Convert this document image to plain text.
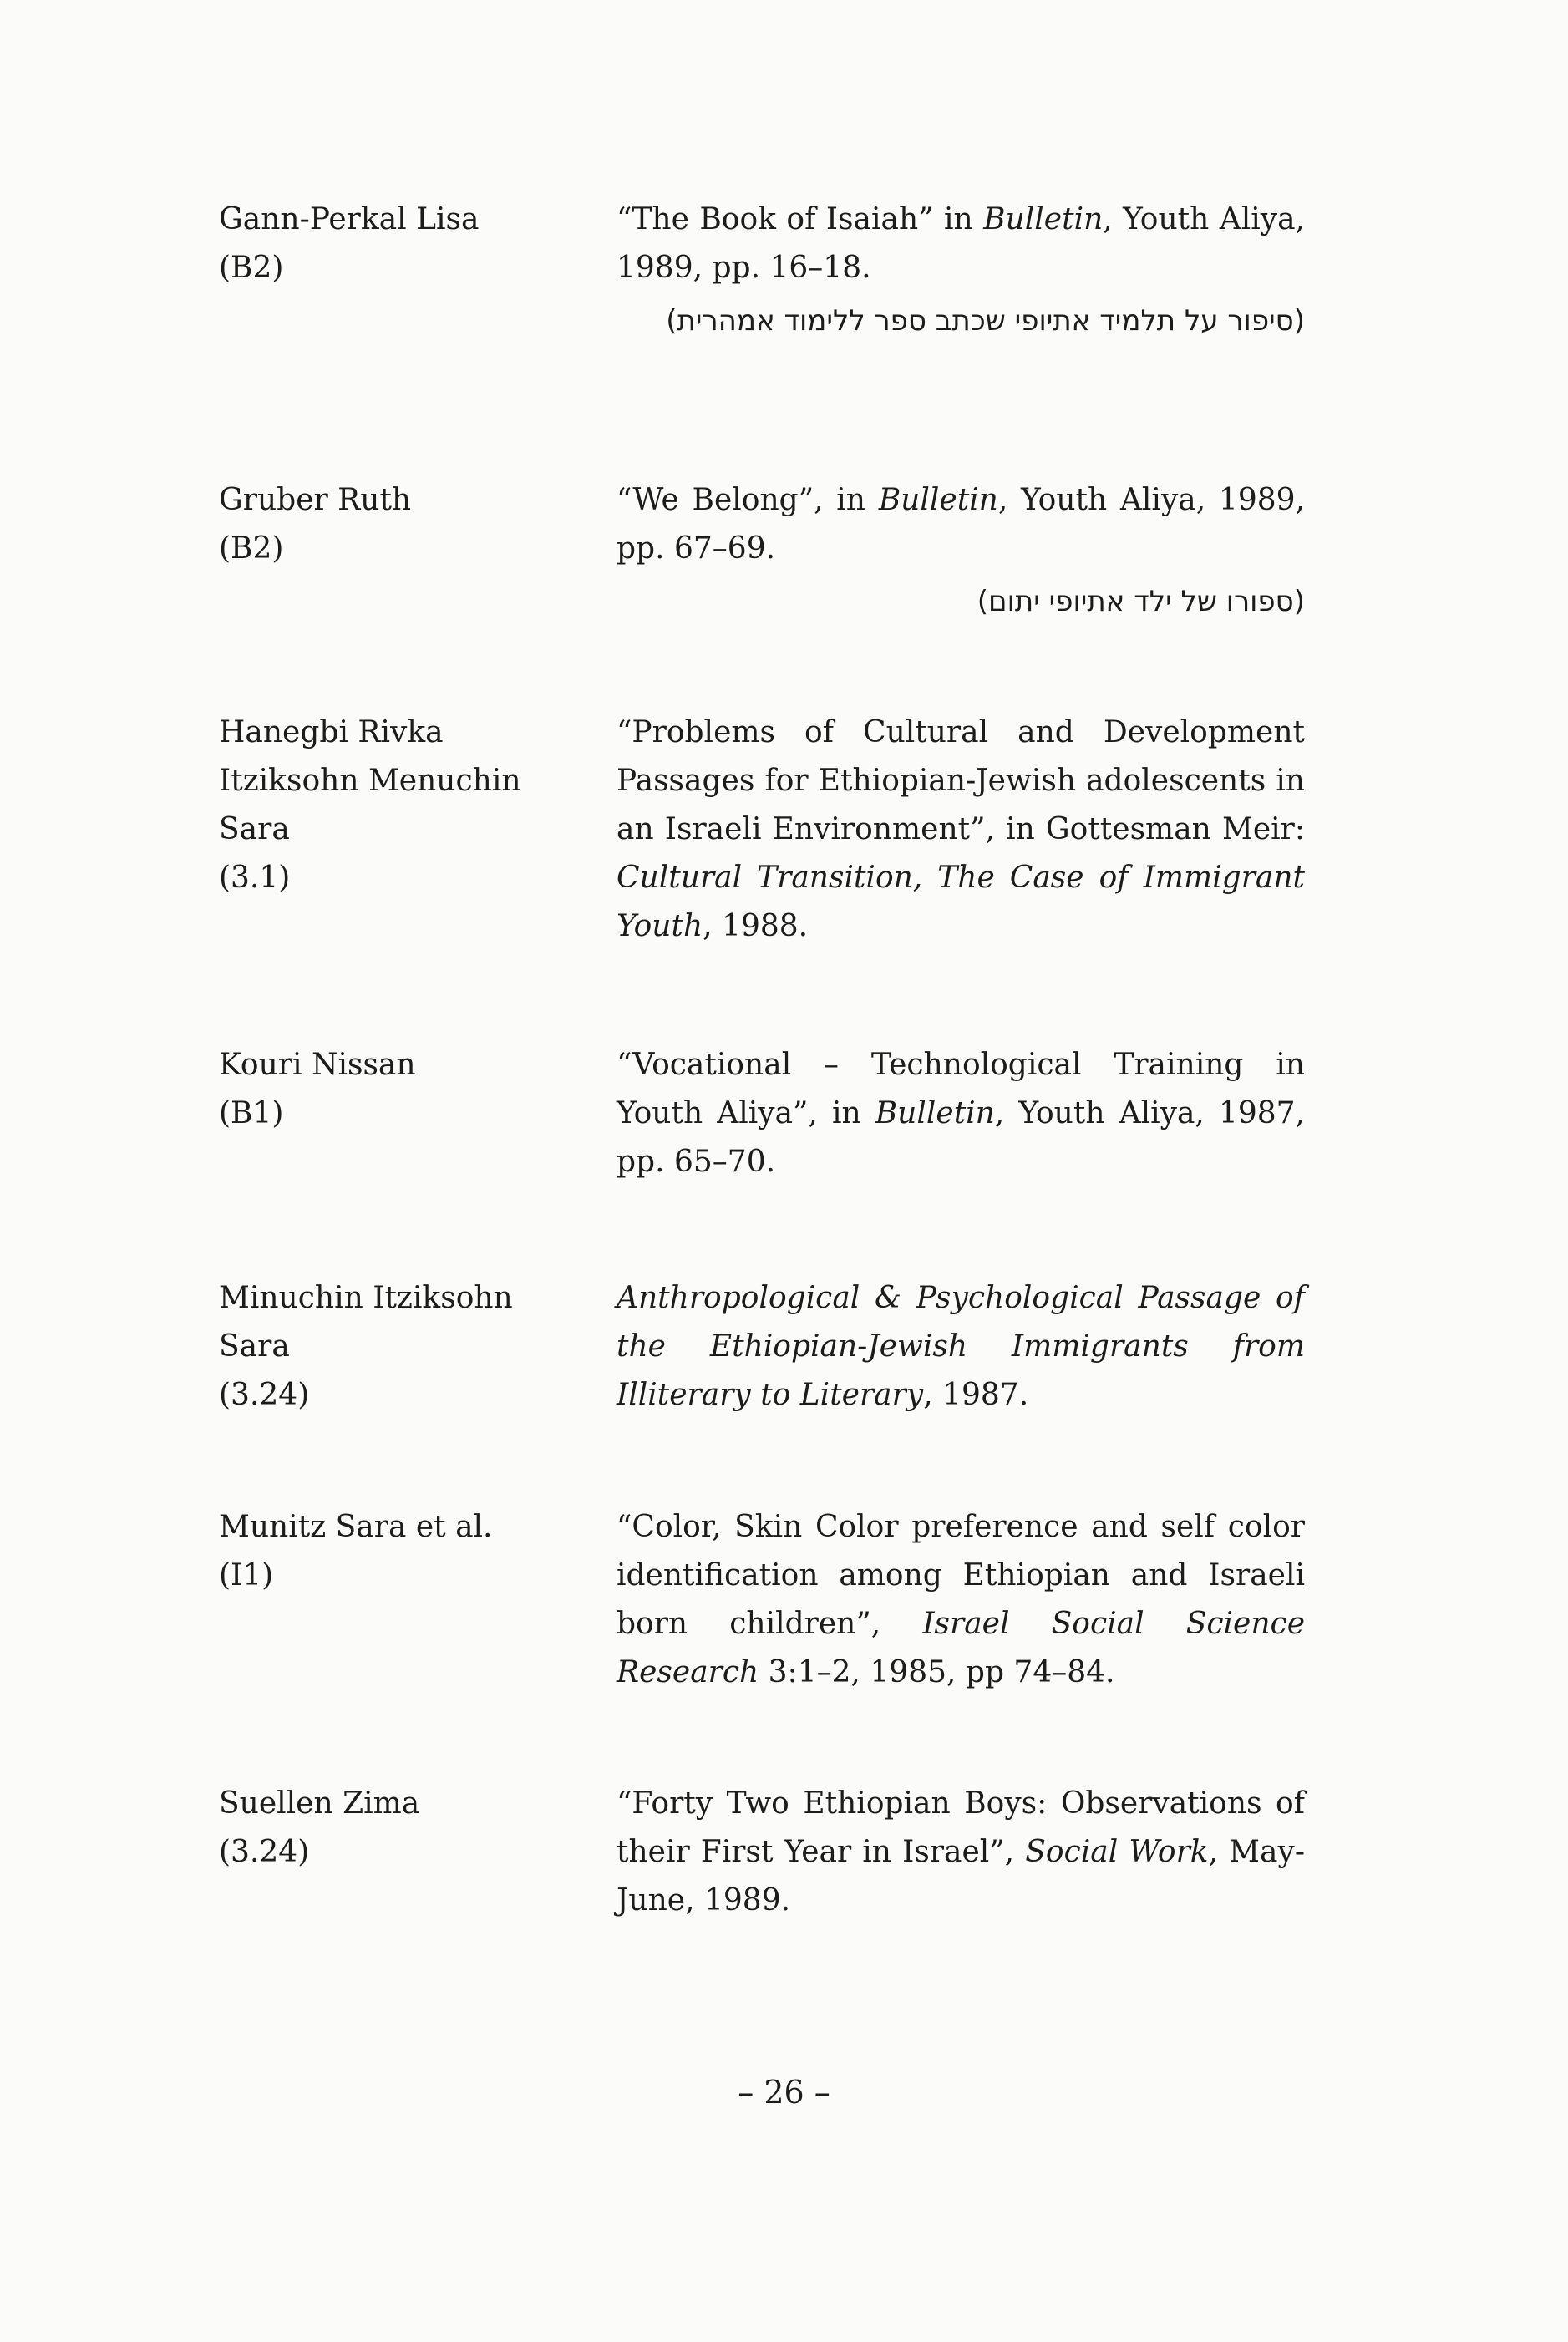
Gann-Perkal Lisa
(B2)
“The Book of Isaiah” in Bulletin, Youth Aliya, 1989, pp. 16–18.
(סיפור על תלמיד אתיופי שכתב ספר ללימוד אמהרית)
Gruber Ruth
(B2)
“We Belong”, in Bulletin, Youth Aliya, 1989, pp. 67–69.
(ספורו של ילד אתיופי יתום)
Hanegbi Rivka
Itziksohn Menuchin Sara
(3.1)
“Problems of Cultural and Development Passages for Ethiopian-Jewish adolescents in an Israeli Environment”, in Gottesman Meir: Cultural Transition, The Case of Immigrant Youth, 1988.
Kouri Nissan
(B1)
“Vocational – Technological Training in Youth Aliya”, in Bulletin, Youth Aliya, 1987, pp. 65–70.
Minuchin Itziksohn Sara
(3.24)
Anthropological & Psychological Passage of the Ethiopian-Jewish Immigrants from Illiterary to Literary, 1987.
Munitz Sara et al.
(I1)
“Color, Skin Color preference and self color identification among Ethiopian and Israeli born children”, Israel Social Science Research 3:1–2, 1985, pp 74–84.
Suellen Zima
(3.24)
“Forty Two Ethiopian Boys: Observations of their First Year in Israel”, Social Work, May-June, 1989.
– 26 –
